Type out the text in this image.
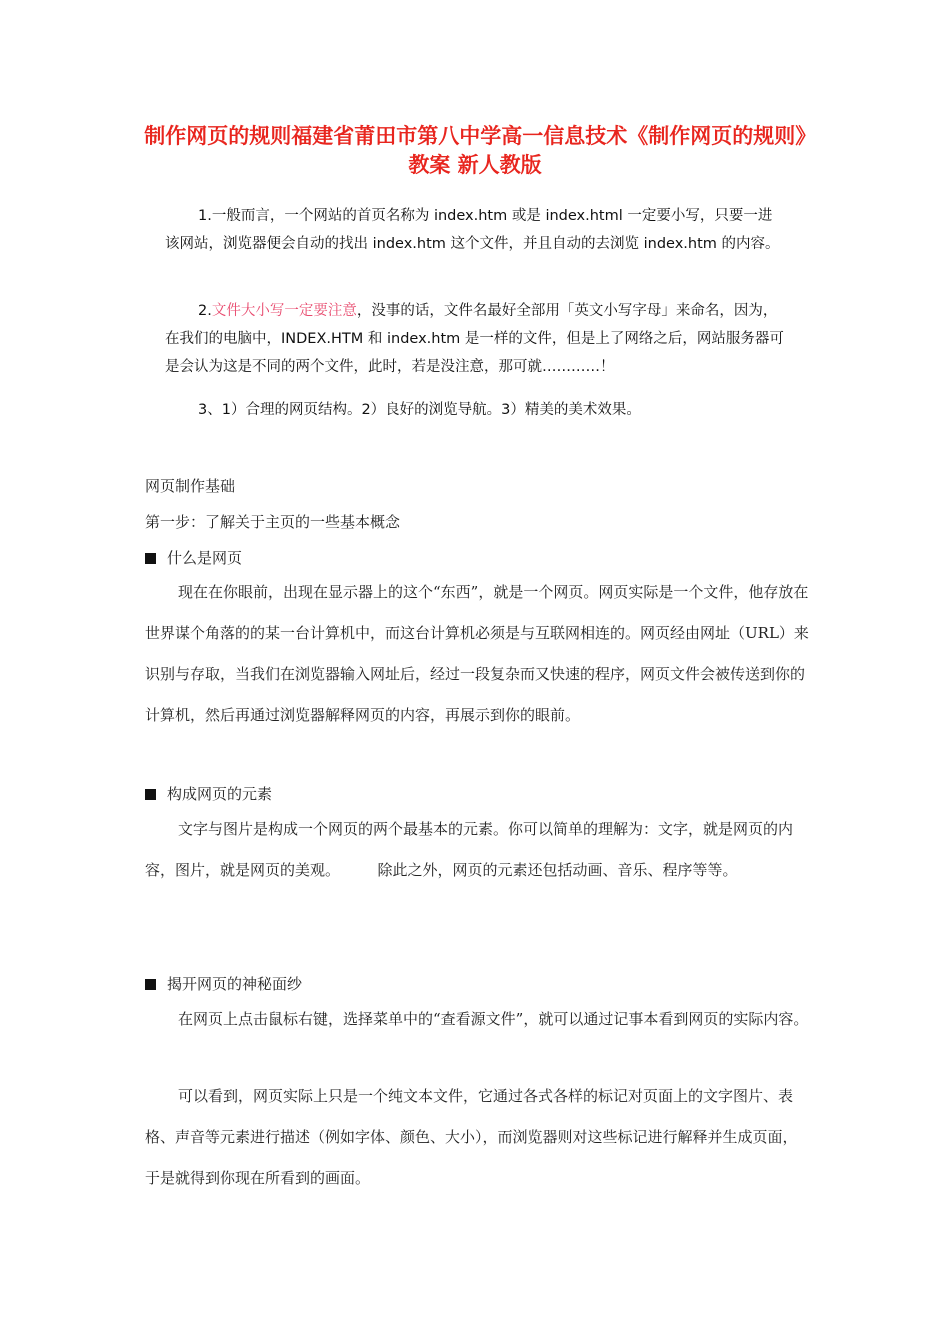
制作网页的规则福建省莆田市第八中学高一信息技术《制作网页的规则》教案 新人教版
1.一般而言，一个网站的首页名称为 index.htm 或是 index.html 一定要小写，只要一进该网站，浏览器便会自动的找出 index.htm 这个文件，并且自动的去浏览 index.htm 的内容。
2.文件大小写一定要注意，没事的话，文件名最好全部用「英文小写字母」来命名，因为，在我们的电脑中，INDEX.HTM 和 index.htm 是一样的文件，但是上了网络之后，网站服务器可是会认为这是不同的两个文件，此时，若是没注意，那可就…………！
3、1）合理的网页结构。2）良好的浏览导航。3）精美的美术效果。
网页制作基础
第一步：了解关于主页的一些基本概念
什么是网页
现在在你眼前，出现在显示器上的这个“东西”，就是一个网页。网页实际是一个文件，他存放在世界谋个角落的的某一台计算机中，而这台计算机必须是与互联网相连的。网页经由网址（URL）来识别与存取，当我们在浏览器输入网址后，经过一段复杂而又快速的程序，网页文件会被传送到你的计算机，然后再通过浏览器解释网页的内容，再展示到你的眼前。
构成网页的元素
文字与图片是构成一个网页的两个最基本的元素。你可以简单的理解为：文字，就是网页的内容，图片，就是网页的美观。　　　除此之外，网页的元素还包括动画、音乐、程序等等。
揭开网页的神秘面纱
在网页上点击鼠标右键，选择菜单中的“查看源文件”，就可以通过记事本看到网页的实际内容。
可以看到，网页实际上只是一个纯文本文件，它通过各式各样的标记对页面上的文字图片、表格、声音等元素进行描述（例如字体、颜色、大小），而浏览器则对这些标记进行解释并生成页面，于是就得到你现在所看到的画面。
